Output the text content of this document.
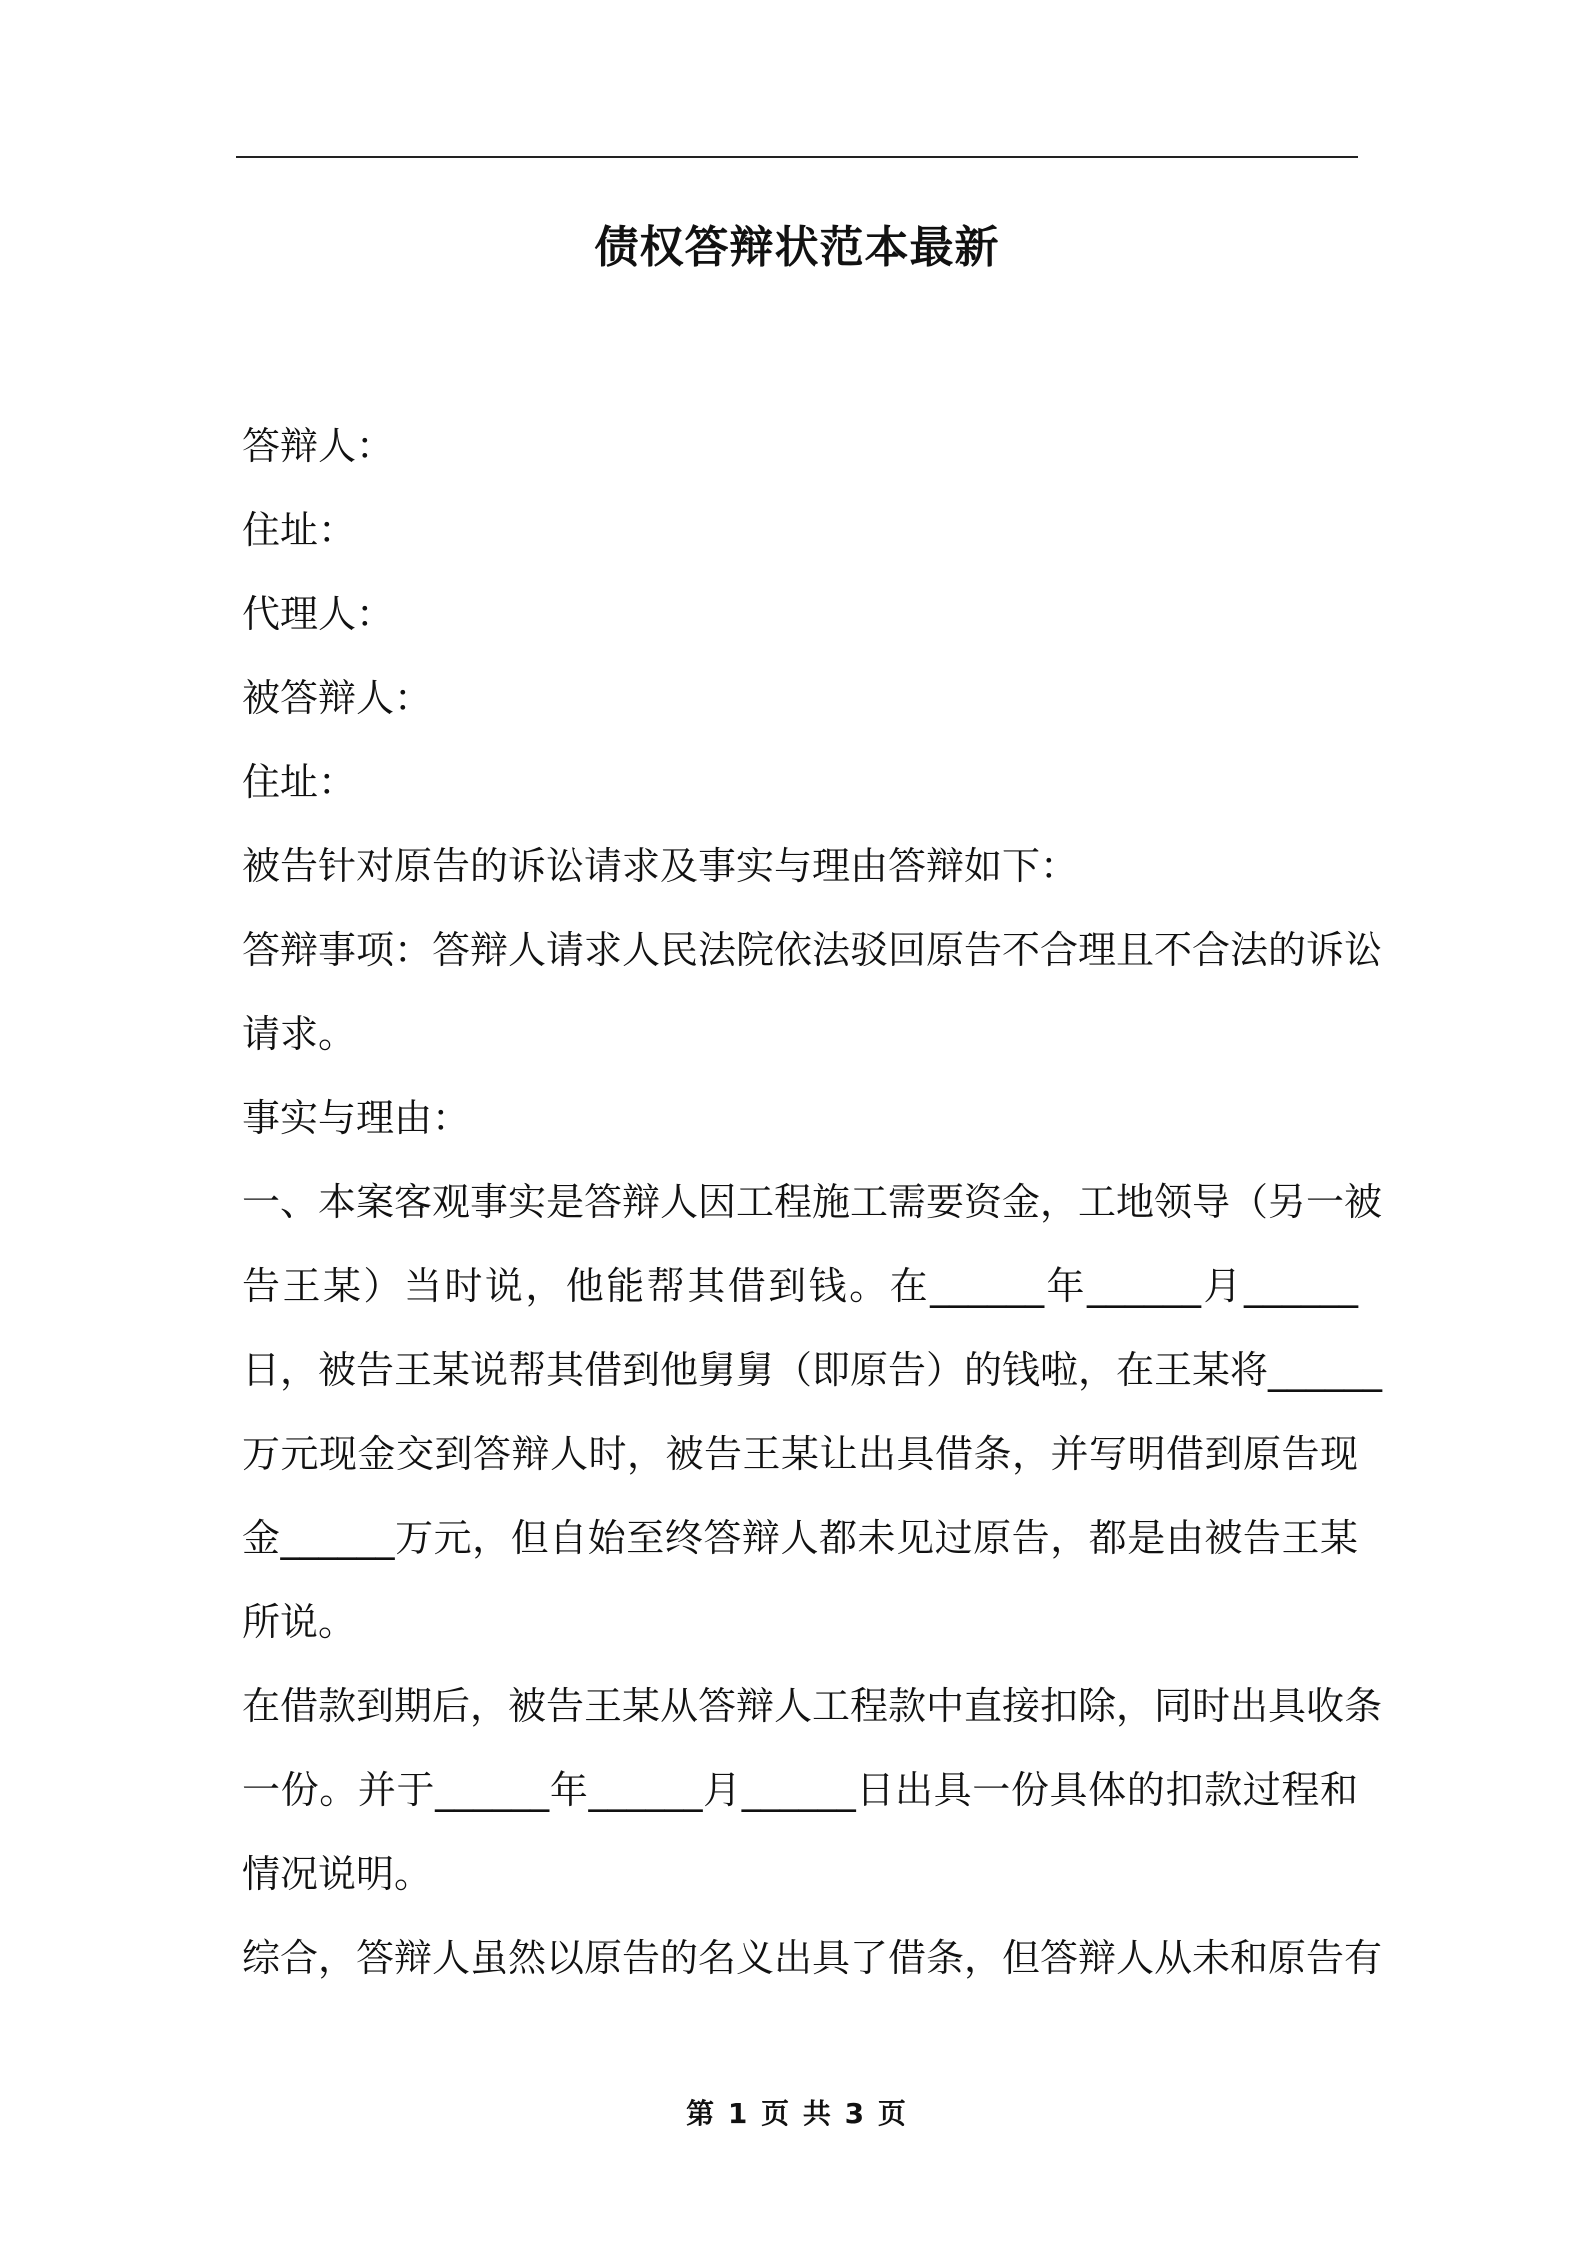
债权答辩状范本最新
答辩人：
住址：
代理人：
被答辩人：
住址：
被告针对原告的诉讼请求及事实与理由答辩如下：
答辩事项：答辩人请求人民法院依法驳回原告不合理且不合法的诉讼
请求。
事实与理由：
一、本案客观事实是答辩人因工程施工需要资金，工地领导（另一被
告王某）当时说，他能帮其借到钱。在______年______月______
日，被告王某说帮其借到他舅舅（即原告）的钱啦，在王某将______
万元现金交到答辩人时，被告王某让出具借条，并写明借到原告现
金______万元，但自始至终答辩人都未见过原告，都是由被告王某
所说。
在借款到期后，被告王某从答辩人工程款中直接扣除，同时出具收条
一份。并于______年______月______日出具一份具体的扣款过程和
情况说明。
综合，答辩人虽然以原告的名义出具了借条，但答辩人从未和原告有
第 1 页 共 3 页
